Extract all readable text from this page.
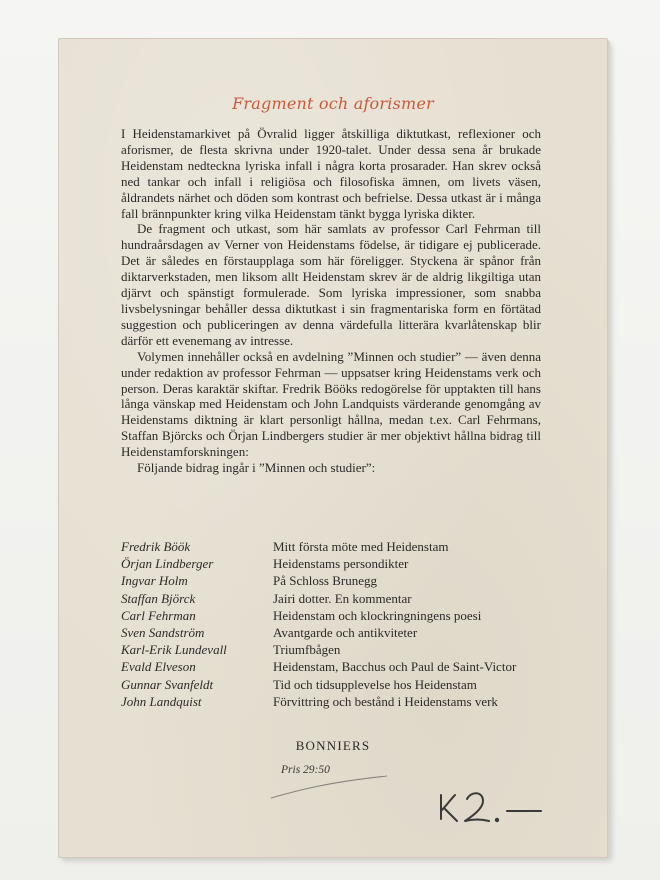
Fragment och aforismer

I Heidenstamarkivet på Övralid ligger åtskilliga diktutkast, reflexioner och aforismer, de flesta skrivna under 1920-talet. Under dessa sena år brukade Heidenstam nedteckna lyriska infall i några korta prosarader. Han skrev också ned tankar och infall i religiösa och filosofiska ämnen, om livets väsen, åldrandets närhet och döden som kontrast och befrielse. Dessa utkast är i många fall brännpunkter kring vilka Heidenstam tänkt bygga lyriska dikter.

De fragment och utkast, som här samlats av professor Carl Fehrman till hundraårsdagen av Verner von Heidenstams födelse, är tidigare ej publicerade. Det är således en förstaupplaga som här föreligger. Styckena är spånor från diktarverkstaden, men liksom allt Heidenstam skrev är de aldrig likgiltiga utan djärvt och spänstigt formulerade. Som lyriska impressioner, som snabba livsbelysningar behåller dessa diktutkast i sin fragmentariska form en förtätad suggestion och publiceringen av denna värdefulla litterära kvarlåtenskap blir därför ett evenemang av intresse.

Volymen innehåller också en avdelning ”Minnen och studier” — även denna under redaktion av professor Fehrman — uppsatser kring Heidenstams verk och person. Deras karaktär skiftar. Fredrik Bööks redogörelse för upptakten till hans långa vänskap med Heidenstam och John Landquists värderande genomgång av Heidenstams diktning är klart personligt hållna, medan t.ex. Carl Fehrmans, Staffan Björcks och Örjan Lindbergers studier är mer objektivt hållna bidrag till Heidenstamforskningen:

Följande bidrag ingår i ”Minnen och studier”:

Fredrik Böök	Mitt första möte med Heidenstam
Örjan Lindberger	Heidenstams persondikter
Ingvar Holm	På Schloss Brunegg
Staffan Björck	Jairi dotter. En kommentar
Carl Fehrman	Heidenstam och klockringningens poesi
Sven Sandström	Avantgarde och antikviteter
Karl-Erik Lundevall	Triumfbågen
Evald Elveson	Heidenstam, Bacchus och Paul de Saint-Victor
Gunnar Svanfeldt	Tid och tidsupplevelse hos Heidenstam
John Landquist	Förvittring och bestånd i Heidenstams verk
BONNIERS
Pris 29:50
